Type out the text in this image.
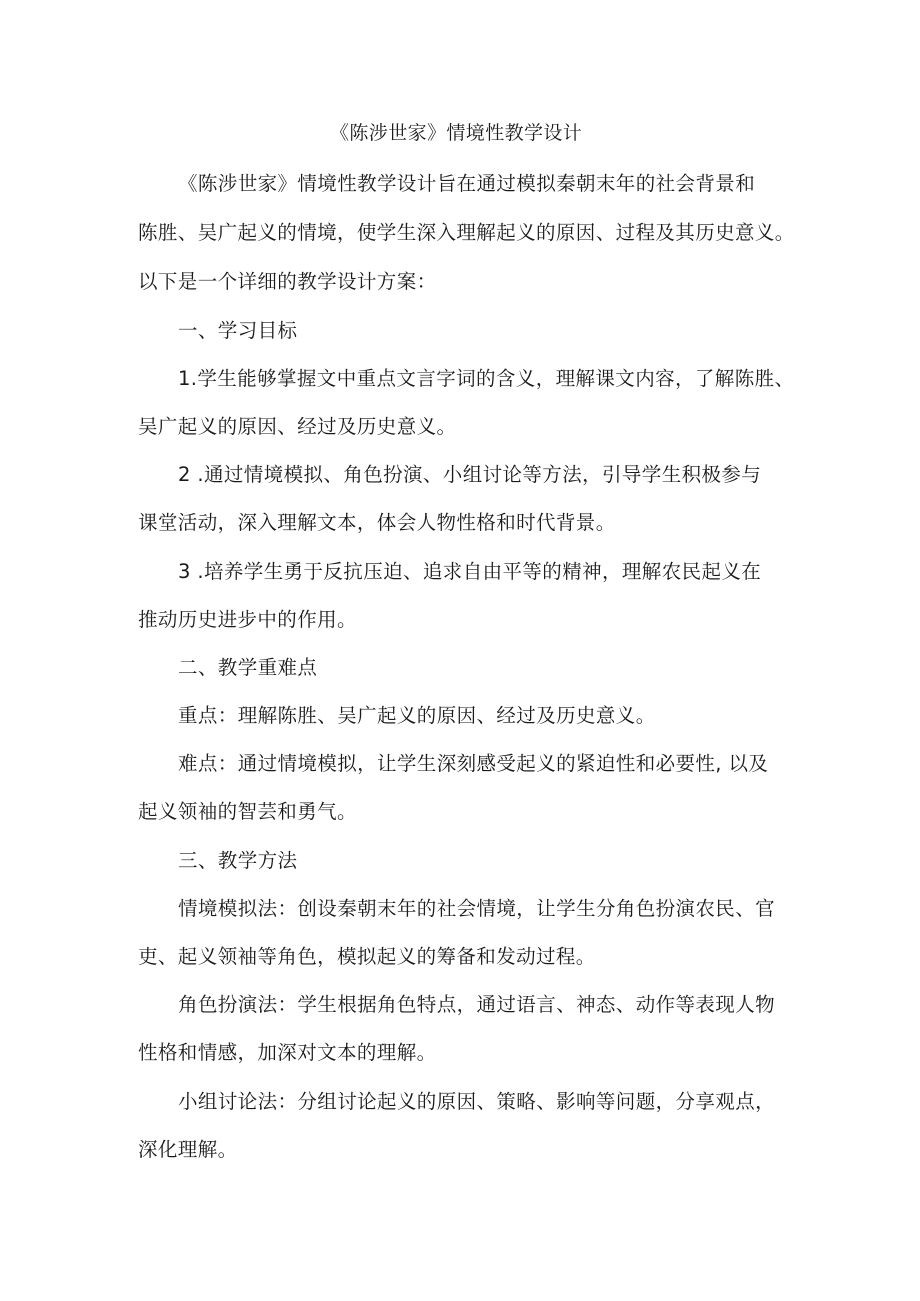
《陈涉世家》情境性教学设计
《陈涉世家》情境性教学设计旨在通过模拟秦朝末年的社会背景和
陈胜、吴广起义的情境，使学生深入理解起义的原因、过程及其历史意义。
以下是一个详细的教学设计方案：
一、学习目标
1.学生能够掌握文中重点文言字词的含义，理解课文内容，了解陈胜、
吴广起义的原因、经过及历史意义。
2 .通过情境模拟、角色扮演、小组讨论等方法，引导学生积极参与
课堂活动，深入理解文本，体会人物性格和时代背景。
3 .培养学生勇于反抗压迫、追求自由平等的精神，理解农民起义在
推动历史进步中的作用。
二、教学重难点
重点：理解陈胜、吴广起义的原因、经过及历史意义。
难点：通过情境模拟，让学生深刻感受起义的紧迫性和必要性, 以及
起义领袖的智芸和勇气。
三、教学方法
情境模拟法：创设秦朝末年的社会情境，让学生分角色扮演农民、官
吏、起义领袖等角色，模拟起义的筹备和发动过程。
角色扮演法：学生根据角色特点，通过语言、神态、动作等表现人物
性格和情感，加深对文本的理解。
小组讨论法：分组讨论起义的原因、策略、影响等问题，分享观点，
深化理解。
